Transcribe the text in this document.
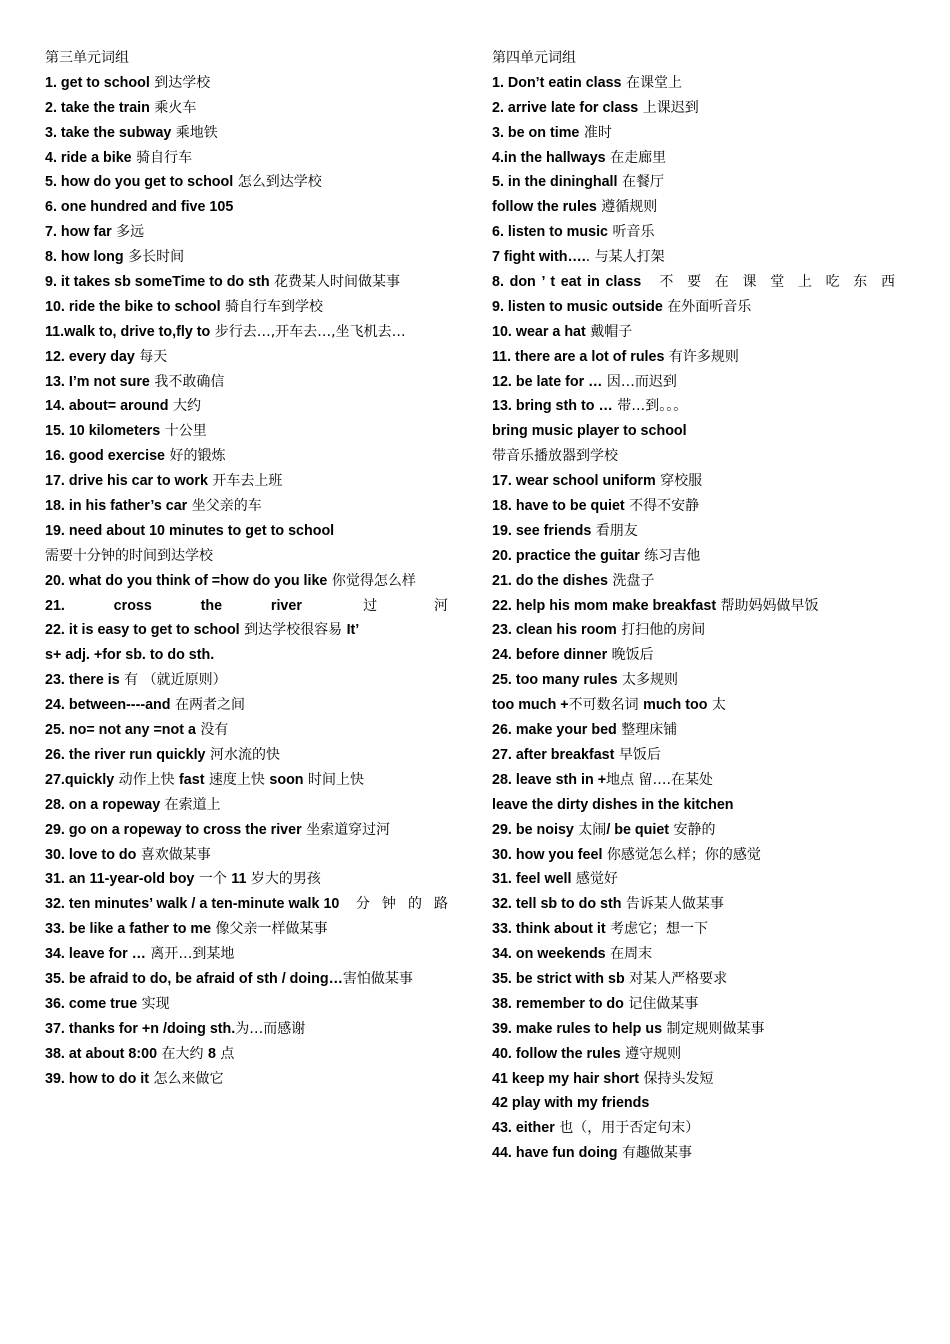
第三单元词组
1. get to school 到达学校
2. take the train 乘火车
3. take the subway 乘地铁
4. ride a bike 骑自行车
5. how do you get to school 怎么到达学校
6. one hundred and five 105
7. how far 多远
8. how long 多长时间
9. it takes sb someTime to do sth 花费某人时间做某事
10. ride the bike to school 骑自行车到学校
11.walk to, drive to,fly to 步行去…,开车去…,坐飞机去…
12. every day 每天
13. I’m not sure 我不敢确信
14. about= around 大约
15. 10 kilometers 十公里
16. good exercise 好的锻炼
17. drive his car to work 开车去上班
18. in his father’s car 坐父亲的车
19. need about 10 minutes to get to school
需要十分钟的时间到达学校
20. what do you think of =how do you like 你觉得怎么样
21. cross the river 过河
22. it is easy to get to school 到达学校很容易 It’
s+ adj. +for sb. to do sth.
23. there is 有 （就近原则）
24. between----and 在两者之间
25. no= not any =not a 没有
26. the river run quickly 河水流的快
27.quickly 动作上快 fast 速度上快 soon 时间上快
28. on a ropeway 在索道上
29. go on a ropeway to cross the river 坐索道穿过河
30. love to do 喜欢做某事
31. an 11-year-old boy 一个 11 岁大的男孩
32. ten minutes’ walk / a ten-minute walk 10 分钟的路
33. be like a father to me 像父亲一样做某事
34. leave for … 离开…到某地
35. be afraid to do, be afraid of sth / doing…害怕做某事
36. come true 实现
37. thanks for +n /doing sth.为…而感谢
38. at about 8:00 在大约 8 点
39. how to do it 怎么来做它
第四单元词组
1. Don’t eatin class 在课堂上
2. arrive late for class 上课迟到
3. be on time 准时
4.in the hallways 在走廊里
5. in the dininghall 在餐厅
follow the rules 遵循规则
6. listen to music 听音乐
7 fight with….. 与某人打架
8. don ’ t eat in class 不要在课堂上吃东西
9. listen to music outside 在外面听音乐
10. wear a hat 戴帽子
11. there are a lot of rules 有许多规则
12. be late for … 因…而迟到
13. bring sth to … 带…到。。。
bring music player to school
带音乐播放器到学校
17. wear school uniform 穿校服
18. have to be quiet 不得不安静
19. see friends 看朋友
20. practice the guitar 练习吉他
21. do the dishes 洗盘子
22. help his mom make breakfast 帮助妈妈做早饭
23. clean his room 打扫他的房间
24. before dinner 晚饭后
25. too many rules 太多规则
too much +不可数名词 much too 太
26. make your bed 整理床铺
27. after breakfast 早饭后
28. leave sth in +地点 留….在某处
leave the dirty dishes in the kitchen
29. be noisy 太闹/ be quiet 安静的
30. how you feel 你感觉怎么样；你的感觉
31. feel well 感觉好
32. tell sb to do sth 告诉某人做某事
33. think about it 考虑它；想一下
34. on weekends 在周末
35. be strict with sb 对某人严格要求
38. remember to do 记住做某事
39. make rules to help us 制定规则做某事
40. follow the rules 遵守规则
41 keep my hair short 保持头发短
42 play with my friends
43. either 也（，用于否定句末）
44. have fun doing 有趣做某事
